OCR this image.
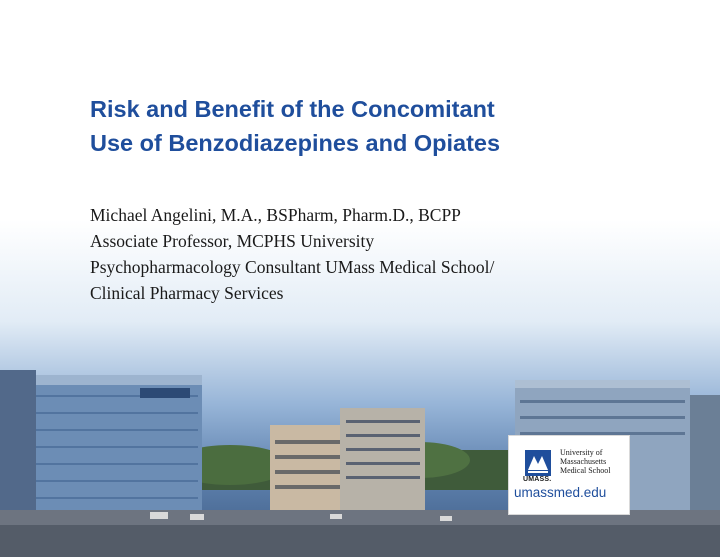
Risk and Benefit of the Concomitant
Use of Benzodiazepines and Opiates
Michael Angelini, M.A., BSPharm, Pharm.D., BCPP
Associate Professor, MCPHS University
Psychopharmacology Consultant UMass Medical School/
Clinical Pharmacy Services
UMASS.
University of
Massachusetts
Medical School
umassmed.edu
